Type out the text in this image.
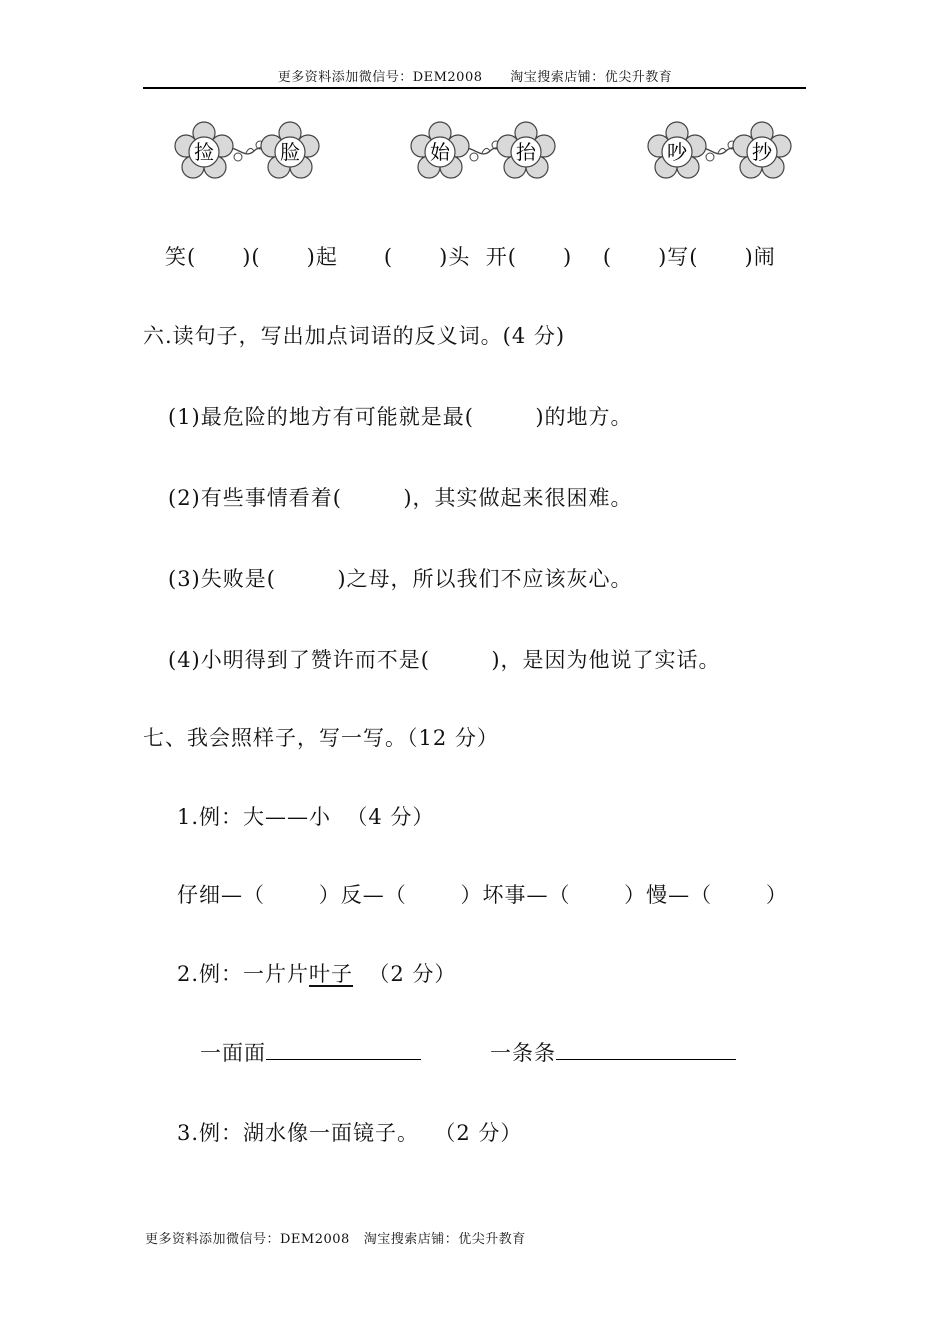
更多资料添加微信号：DEM2008      淘宝搜索店铺：优尖升教育
捡	脸	始	抬	吵	抄
笑(      )(      )起      (      )头  开(      )    (      )写(      )闹
六.读句子，写出加点词语的反义词。(4 分)
(1)最危险的地方有可能就是最(        )的地方。
(2)有些事情看着(        )，其实做起来很困难。
(3)失败是(        )之母，所以我们不应该灰心。
(4)小明得到了赞许而不是(        )，是因为他说了实话。
七、我会照样子，写一写。（12 分）
1.例：大——小  （4 分）
仔细—（       ）反—（       ）坏事—（       ）慢—（       ）
2.例：一片片叶子  （2 分）
一面面	一条条
3.例：湖水像一面镜子。  （2 分）
更多资料添加微信号：DEM2008   淘宝搜索店铺：优尖升教育
